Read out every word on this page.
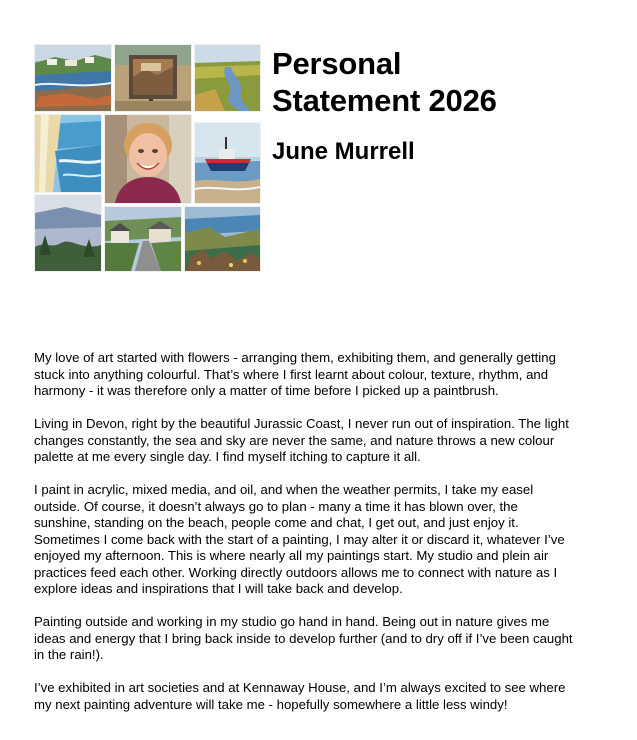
Personal
Statement 2026
June Murrell

My love of art started with flowers - arranging them, exhibiting them, and generally getting
stuck into anything colourful. That’s where I first learnt about colour, texture, rhythm, and
harmony - it was therefore only a matter of time before I picked up a paintbrush.

Living in Devon, right by the beautiful Jurassic Coast, I never run out of inspiration. The light
changes constantly, the sea and sky are never the same, and nature throws a new colour
palette at me every single day. I find myself itching to capture it all.

I paint in acrylic, mixed media, and oil, and when the weather permits, I take my easel
outside. Of course, it doesn’t always go to plan - many a time it has blown over, the
sunshine, standing on the beach, people come and chat, I get out, and just enjoy it.
Sometimes I come back with the start of a painting, I may alter it or discard it, whatever I’ve
enjoyed my afternoon. This is where nearly all my paintings start. My studio and plein air
practices feed each other. Working directly outdoors allows me to connect with nature as I
explore ideas and inspirations that I will take back and develop.

Painting outside and working in my studio go hand in hand. Being out in nature gives me
ideas and energy that I bring back inside to develop further (and to dry off if I’ve been caught
in the rain!).

I’ve exhibited in art societies and at Kennaway House, and I’m always excited to see where
my next painting adventure will take me - hopefully somewhere a little less windy!
